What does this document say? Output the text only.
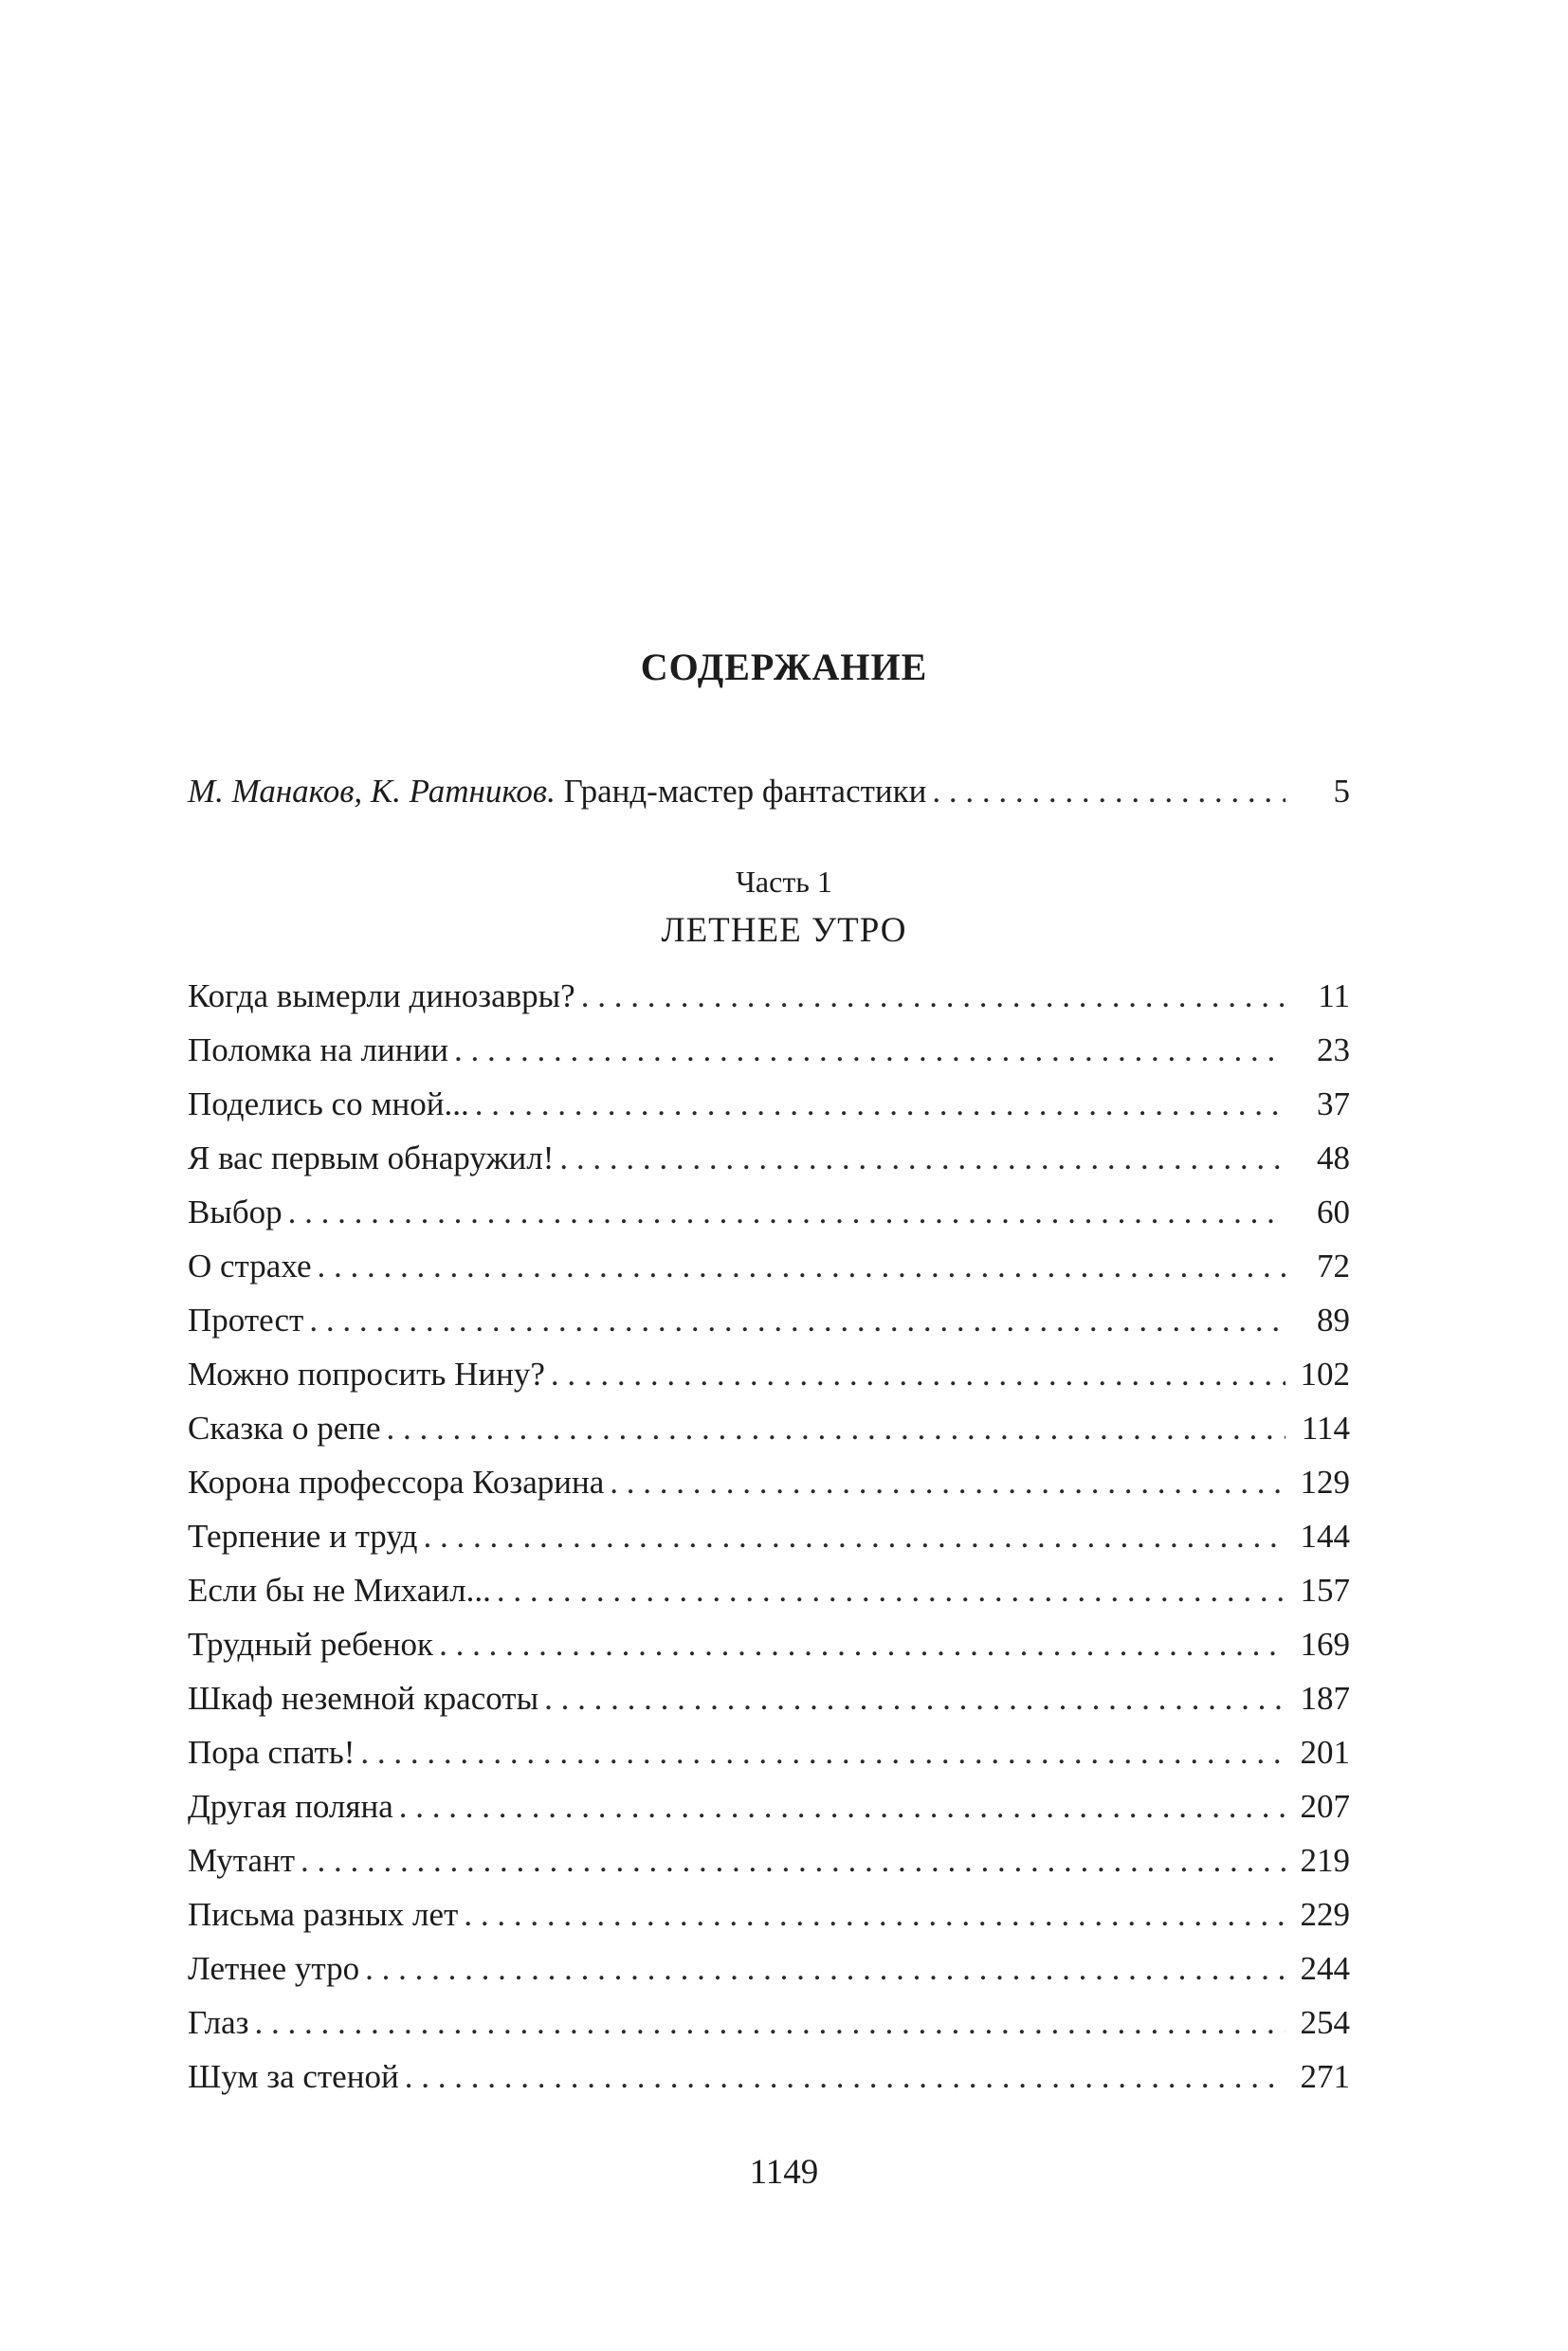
СОДЕРЖАНИЕ
М. Манаков, К. Ратников. Гранд-мастер фантастики . . .	5
Часть 1
ЛЕТНЕЕ УТРО
Когда вымерли динозавры? . . .	11
Поломка на линии . . .	23
Поделись со мной... . . .	37
Я вас первым обнаружил! . . .	48
Выбор . . .	60
О страхе . . .	72
Протест . . .	89
Можно попросить Нину? . . .	102
Сказка о репе . . .	114
Корона профессора Козарина . . .	129
Терпение и труд . . .	144
Если бы не Михаил... . . .	157
Трудный ребенок . . .	169
Шкаф неземной красоты . . .	187
Пора спать! . . .	201
Другая поляна . . .	207
Мутант . . .	219
Письма разных лет . . .	229
Летнее утро . . .	244
Глаз . . .	254
Шум за стеной . . .	271
1149
